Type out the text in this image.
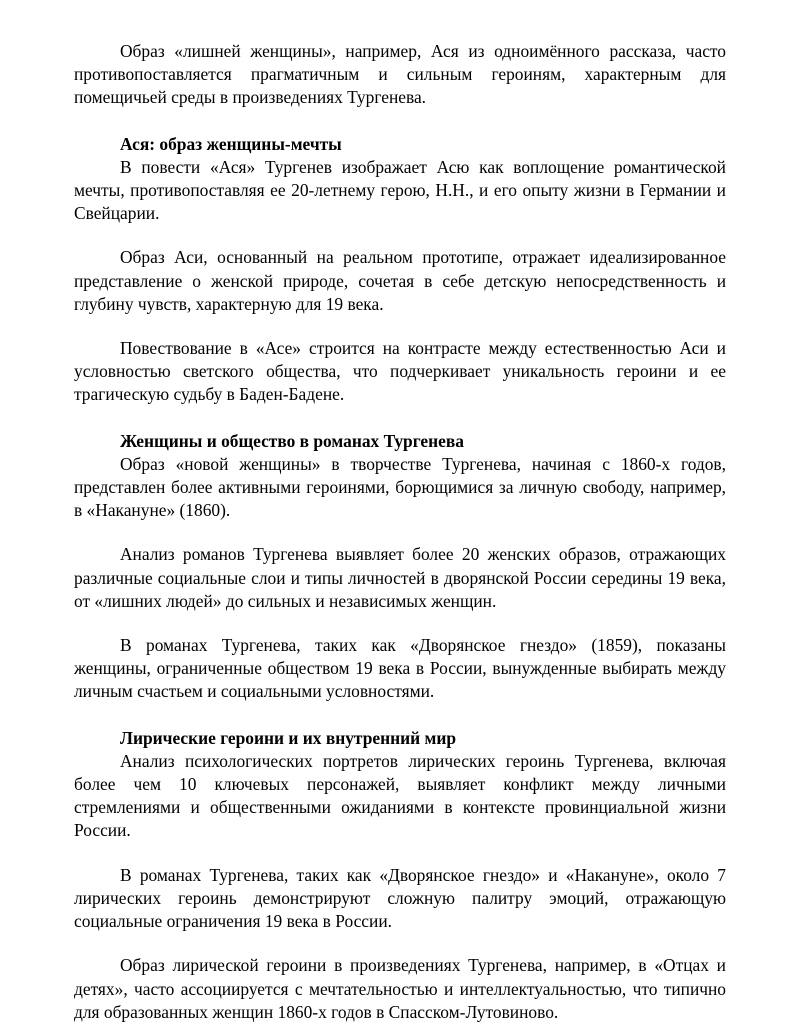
Образ «лишней женщины», например, Ася из одноимённого рассказа, часто противопоставляется прагматичным и сильным героиням, характерным для помещичьей среды в произведениях Тургенева.

Ася: образ женщины-мечты

В повести «Ася» Тургенев изображает Асю как воплощение романтической мечты, противопоставляя ее 20-летнему герою, Н.Н., и его опыту жизни в Германии и Свейцарии.

Образ Аси, основанный на реальном прототипе, отражает идеализированное представление о женской природе, сочетая в себе детскую непосредственность и глубину чувств, характерную для 19 века.

Повествование в «Асе» строится на контрасте между естественностью Аси и условностью светского общества, что подчеркивает уникальность героини и ее трагическую судьбу в Баден-Бадене.

Женщины и общество в романах Тургенева

Образ «новой женщины» в творчестве Тургенева, начиная с 1860-х годов, представлен более активными героинями, борющимися за личную свободу, например, в «Накануне» (1860).

Анализ романов Тургенева выявляет более 20 женских образов, отражающих различные социальные слои и типы личностей в дворянской России середины 19 века, от «лишних людей» до сильных и независимых женщин.

В романах Тургенева, таких как «Дворянское гнездо» (1859), показаны женщины, ограниченные обществом 19 века в России, вынужденные выбирать между личным счастьем и социальными условностями.

Лирические героини и их внутренний мир

Анализ психологических портретов лирических героинь Тургенева, включая более чем 10 ключевых персонажей, выявляет конфликт между личными стремлениями и общественными ожиданиями в контексте провинциальной жизни России.

В романах Тургенева, таких как «Дворянское гнездо» и «Накануне», около 7 лирических героинь демонстрируют сложную палитру эмоций, отражающую социальные ограничения 19 века в России.

Образ лирической героини в произведениях Тургенева, например, в «Отцах и детях», часто ассоциируется с мечтательностью и интеллектуальностью, что типично для образованных женщин 1860-х годов в Спасском-Лутовиново.
